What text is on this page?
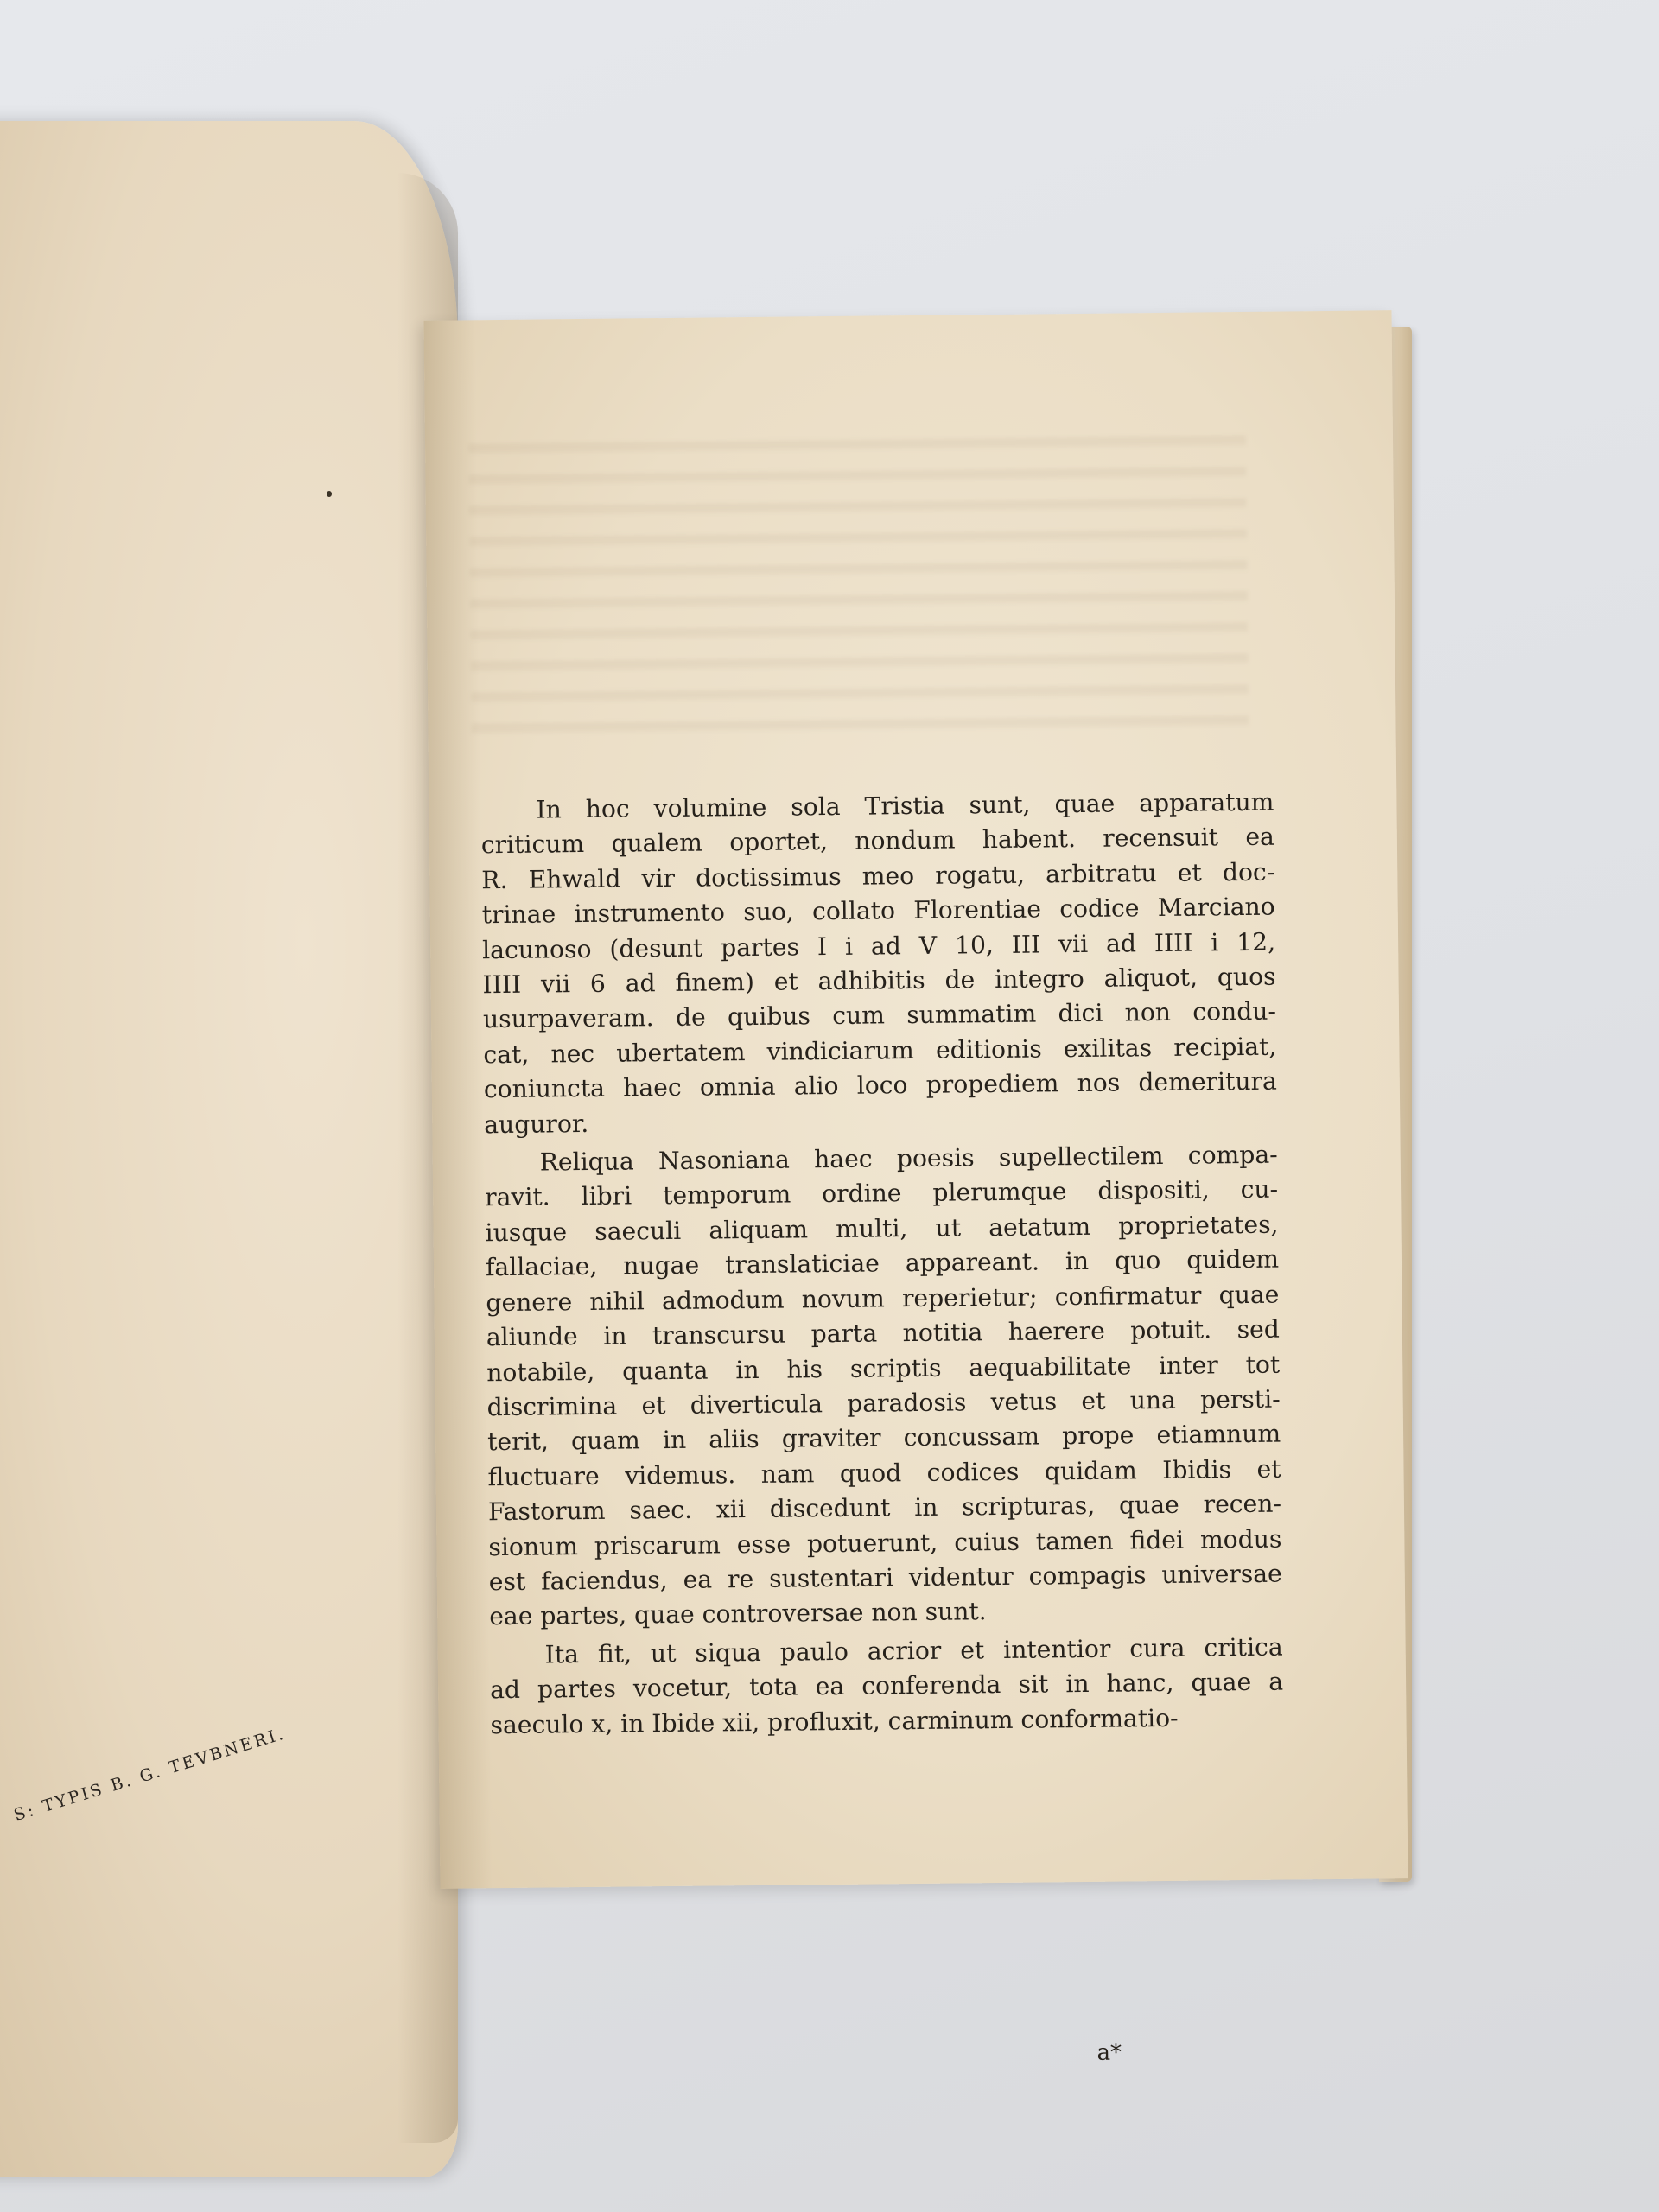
S: TYPIS B. G. TEVBNERI.
In hoc volumine sola Tristia sunt, quae apparatum
criticum qualem oportet, nondum habent. recensuit ea
R. Ehwald vir doctissimus meo rogatu, arbitratu et doc-
trinae instrumento suo, collato Florentiae codice Marciano
lacunoso (desunt partes I i ad V 10, III vii ad IIII i 12,
IIII vii 6 ad finem) et adhibitis de integro aliquot, quos
usurpaveram. de quibus cum summatim dici non condu-
cat, nec ubertatem vindiciarum editionis exilitas recipiat,
coniuncta haec omnia alio loco propediem nos demeritura
auguror.
Reliqua Nasoniana haec poesis supellectilem compa-
ravit. libri temporum ordine plerumque dispositi, cu-
iusque saeculi aliquam multi, ut aetatum proprietates,
fallaciae, nugae translaticiae appareant. in quo quidem
genere nihil admodum novum reperietur; confirmatur quae
aliunde in transcursu parta notitia haerere potuit. sed
notabile, quanta in his scriptis aequabilitate inter tot
discrimina et diverticula paradosis vetus et una persti-
terit, quam in aliis graviter concussam prope etiamnum
fluctuare videmus. nam quod codices quidam Ibidis et
Fastorum saec. xii discedunt in scripturas, quae recen-
sionum priscarum esse potuerunt, cuius tamen fidei modus
est faciendus, ea re sustentari videntur compagis universae
eae partes, quae controversae non sunt.
Ita fit, ut siqua paulo acrior et intentior cura critica
ad partes vocetur, tota ea conferenda sit in hanc, quae a
saeculo x, in Ibide xii, profluxit, carminum conformatio-
a*
